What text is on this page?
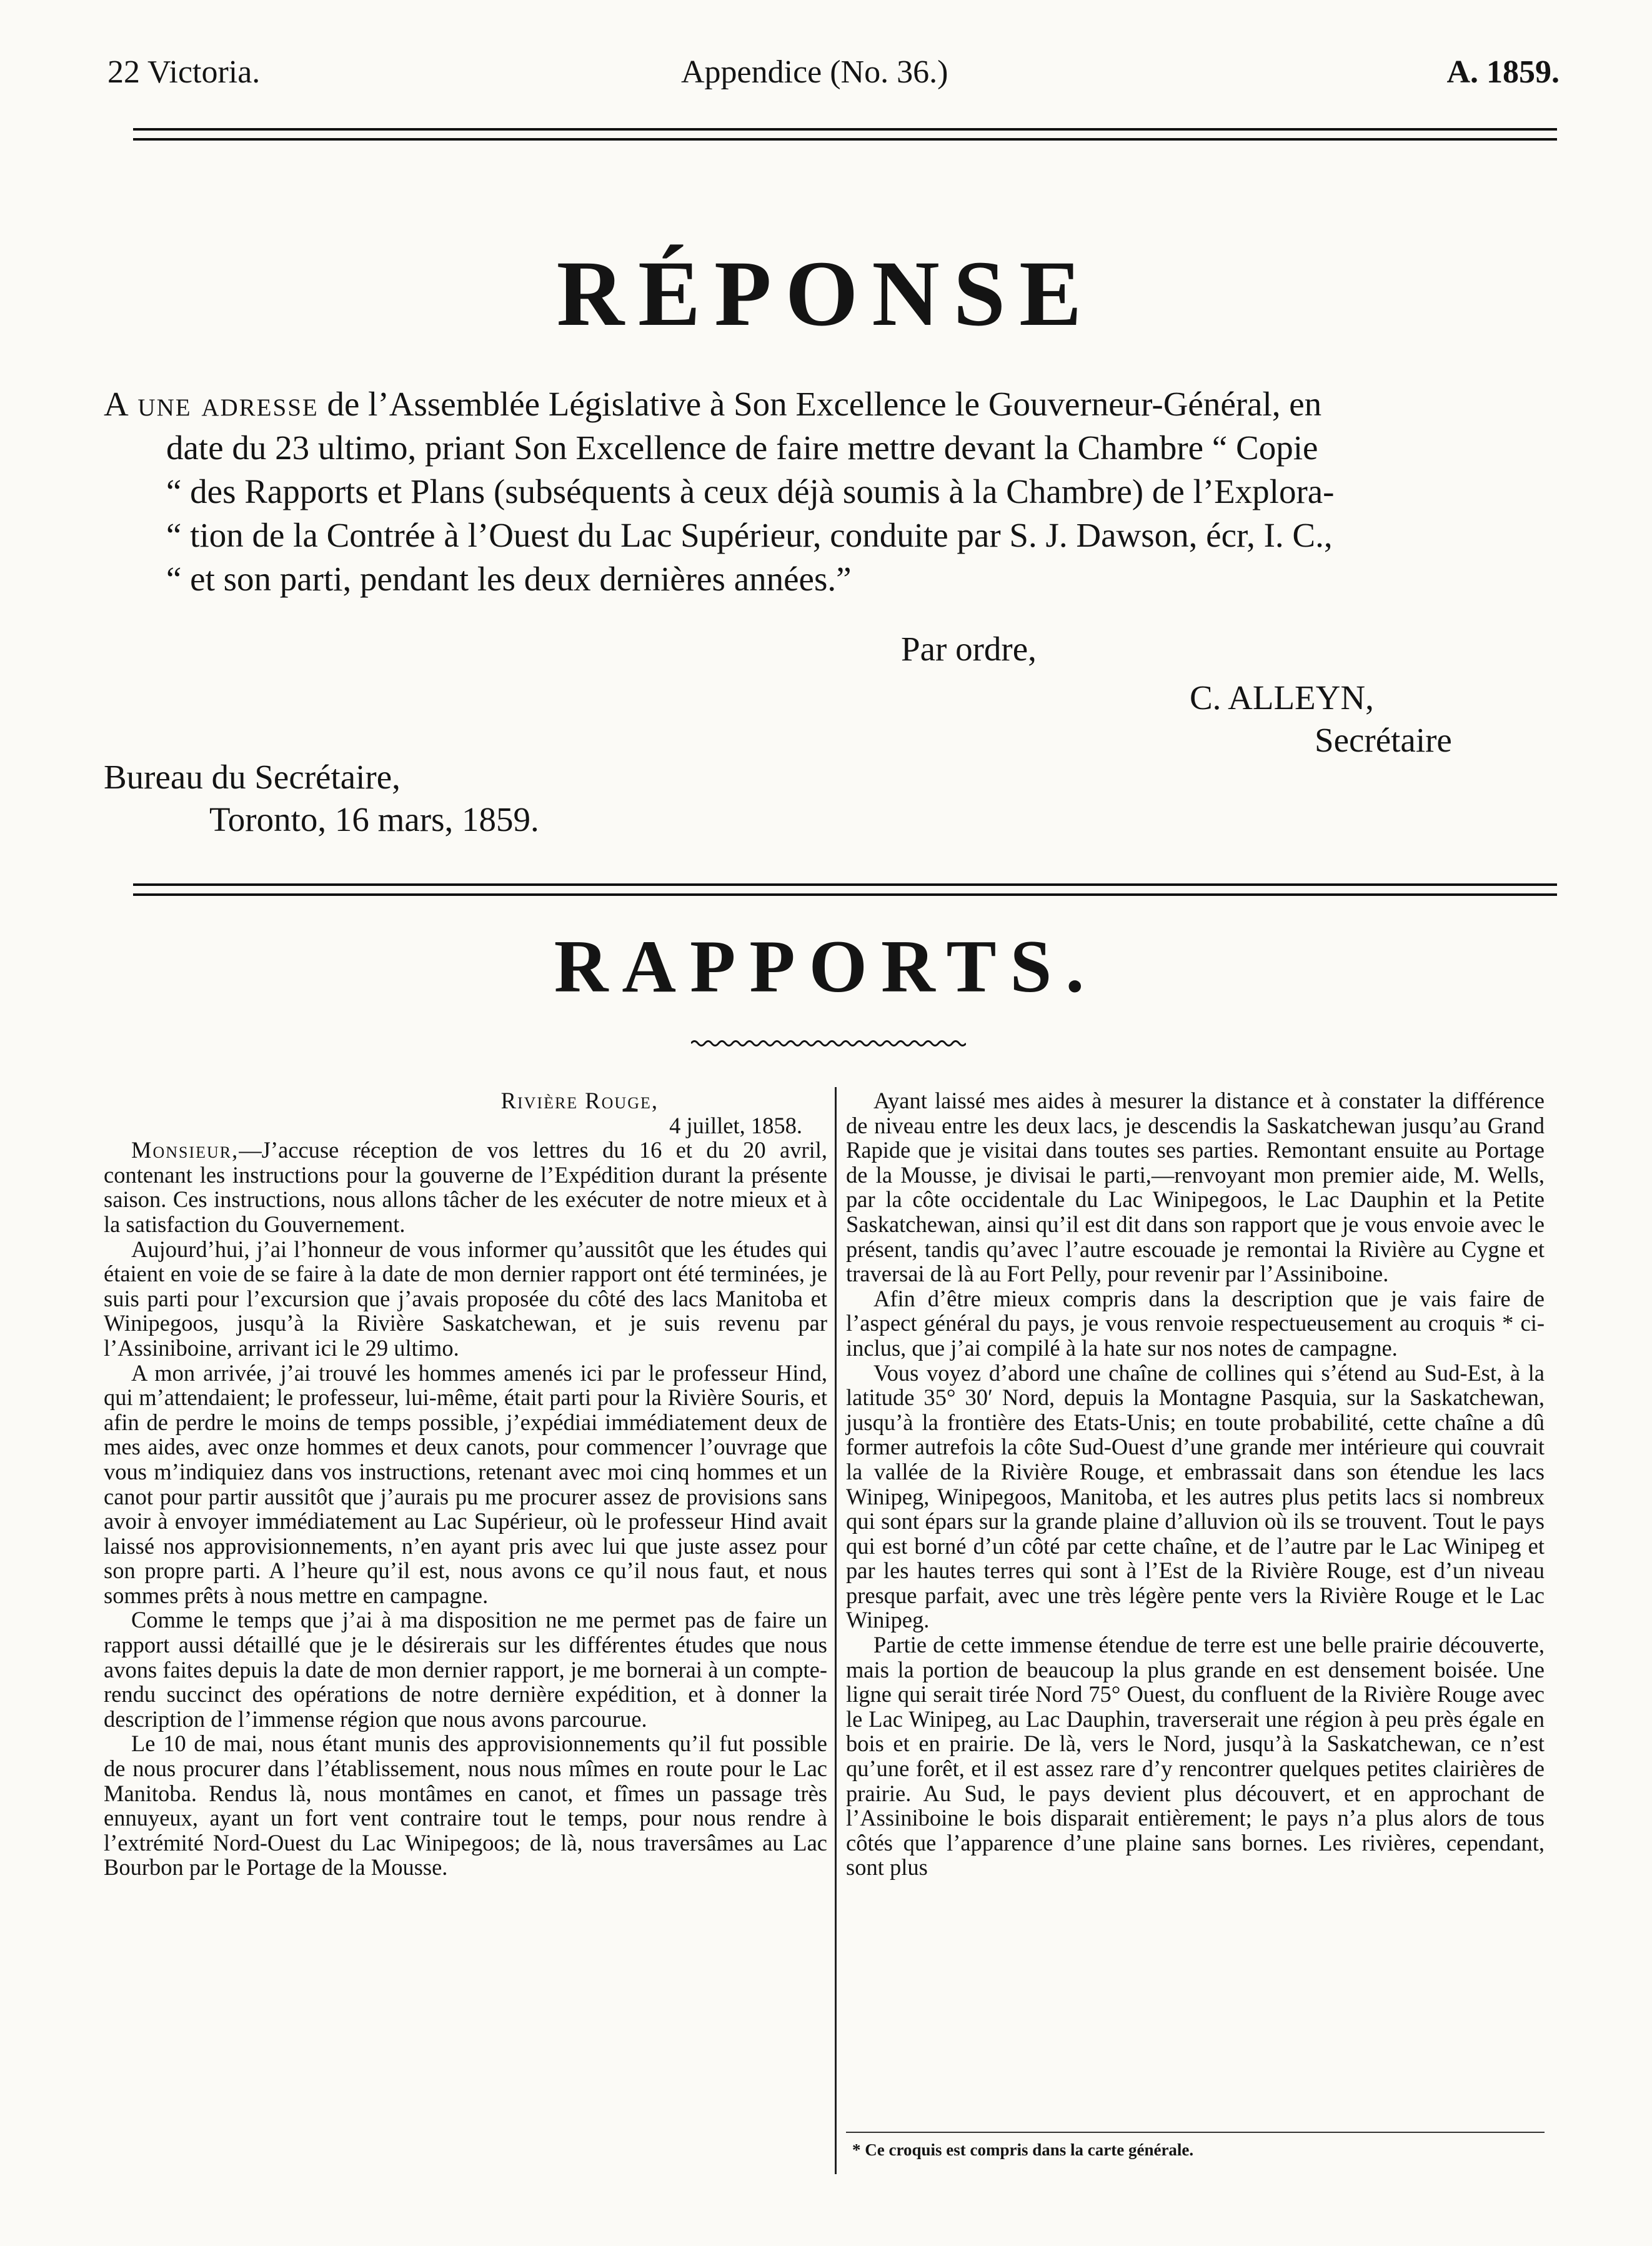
22 Victoria.	Appendice (No. 36.)	A. 1859.
RÉPONSE
A une adresse de l’Assemblée Législative à Son Excellence le Gouverneur-Général, en
date du 23 ultimo, priant Son Excellence de faire mettre devant la Chambre “ Copie
“ des Rapports et Plans (subséquents à ceux déjà soumis à la Chambre) de l’Explora-
“ tion de la Contrée à l’Ouest du Lac Supérieur, conduite par S. J. Dawson, écr, I. C.,
“ et son parti, pendant les deux dernières années.”
Par ordre,
C. ALLEYN,
Secrétaire
Bureau du Secrétaire,
Toronto, 16 mars, 1859.
RAPPORTS.
Rivière Rouge,
4 juillet, 1858.

Monsieur,—J’accuse réception de vos lettres du 16 et du 20 avril, contenant les instructions pour la gouverne de l’Expédition durant la présente saison. Ces instructions, nous allons tâcher de les exécuter de notre mieux et à la satisfaction du Gouvernement.

Aujourd’hui, j’ai l’honneur de vous informer qu’aussitôt que les études qui étaient en voie de se faire à la date de mon dernier rapport ont été terminées, je suis parti pour l’excursion que j’avais proposée du côté des lacs Manitoba et Winipegoos, jusqu’à la Rivière Saskatchewan, et je suis revenu par l’Assiniboine, arrivant ici le 29 ultimo.

A mon arrivée, j’ai trouvé les hommes amenés ici par le professeur Hind, qui m’attendaient; le professeur, lui-même, était parti pour la Rivière Souris, et afin de perdre le moins de temps possible, j’expédiai immédiatement deux de mes aides, avec onze hommes et deux canots, pour commencer l’ouvrage que vous m’indiquiez dans vos instructions, retenant avec moi cinq hommes et un canot pour partir aussitôt que j’aurais pu me procurer assez de provisions sans avoir à envoyer immédiatement au Lac Supérieur, où le professeur Hind avait laissé nos approvisionnements, n’en ayant pris avec lui que juste assez pour son propre parti. A l’heure qu’il est, nous avons ce qu’il nous faut, et nous sommes prêts à nous mettre en campagne.

Comme le temps que j’ai à ma disposition ne me permet pas de faire un rapport aussi détaillé que je le désirerais sur les différentes études que nous avons faites depuis la date de mon dernier rapport, je me bornerai à un compte-rendu succinct des opérations de notre dernière expédition, et à donner la description de l’immense région que nous avons parcourue.

Le 10 de mai, nous étant munis des approvisionnements qu’il fut possible de nous procurer dans l’établissement, nous nous mîmes en route pour le Lac Manitoba. Rendus là, nous montâmes en canot, et fîmes un passage très ennuyeux, ayant un fort vent contraire tout le temps, pour nous rendre à l’extrémité Nord-Ouest du Lac Winipegoos; de là, nous traversâmes au Lac Bourbon par le Portage de la Mousse.

Ayant laissé mes aides à mesurer la distance et à constater la différence de niveau entre les deux lacs, je descendis la Saskatchewan jusqu’au Grand Rapide que je visitai dans toutes ses parties. Remontant ensuite au Portage de la Mousse, je divisai le parti,—renvoyant mon premier aide, M. Wells, par la côte occidentale du Lac Winipegoos, le Lac Dauphin et la Petite Saskatchewan, ainsi qu’il est dit dans son rapport que je vous envoie avec le présent, tandis qu’avec l’autre escouade je remontai la Rivière au Cygne et traversai de là au Fort Pelly, pour revenir par l’Assiniboine.

Afin d’être mieux compris dans la description que je vais faire de l’aspect général du pays, je vous renvoie respectueusement au croquis * ci-inclus, que j’ai compilé à la hate sur nos notes de campagne.

Vous voyez d’abord une chaîne de collines qui s’étend au Sud-Est, à la latitude 35° 30′ Nord, depuis la Montagne Pasquia, sur la Saskatchewan, jusqu’à la frontière des Etats-Unis; en toute probabilité, cette chaîne a dû former autrefois la côte Sud-Ouest d’une grande mer intérieure qui couvrait la vallée de la Rivière Rouge, et embrassait dans son étendue les lacs Winipeg, Winipegoos, Manitoba, et les autres plus petits lacs si nombreux qui sont épars sur la grande plaine d’alluvion où ils se trouvent. Tout le pays qui est borné d’un côté par cette chaîne, et de l’autre par le Lac Winipeg et par les hautes terres qui sont à l’Est de la Rivière Rouge, est d’un niveau presque parfait, avec une très légère pente vers la Rivière Rouge et le Lac Winipeg.

Partie de cette immense étendue de terre est une belle prairie découverte, mais la portion de beaucoup la plus grande en est densement boisée. Une ligne qui serait tirée Nord 75° Ouest, du confluent de la Rivière Rouge avec le Lac Winipeg, au Lac Dauphin, traverserait une région à peu près égale en bois et en prairie. De là, vers le Nord, jusqu’à la Saskatchewan, ce n’est qu’une forêt, et il est assez rare d’y rencontrer quelques petites clairières de prairie. Au Sud, le pays devient plus découvert, et en approchant de l’Assiniboine le bois disparait entièrement; le pays n’a plus alors de tous côtés que l’apparence d’une plaine sans bornes. Les rivières, cependant, sont plus

* Ce croquis est compris dans la carte générale.
